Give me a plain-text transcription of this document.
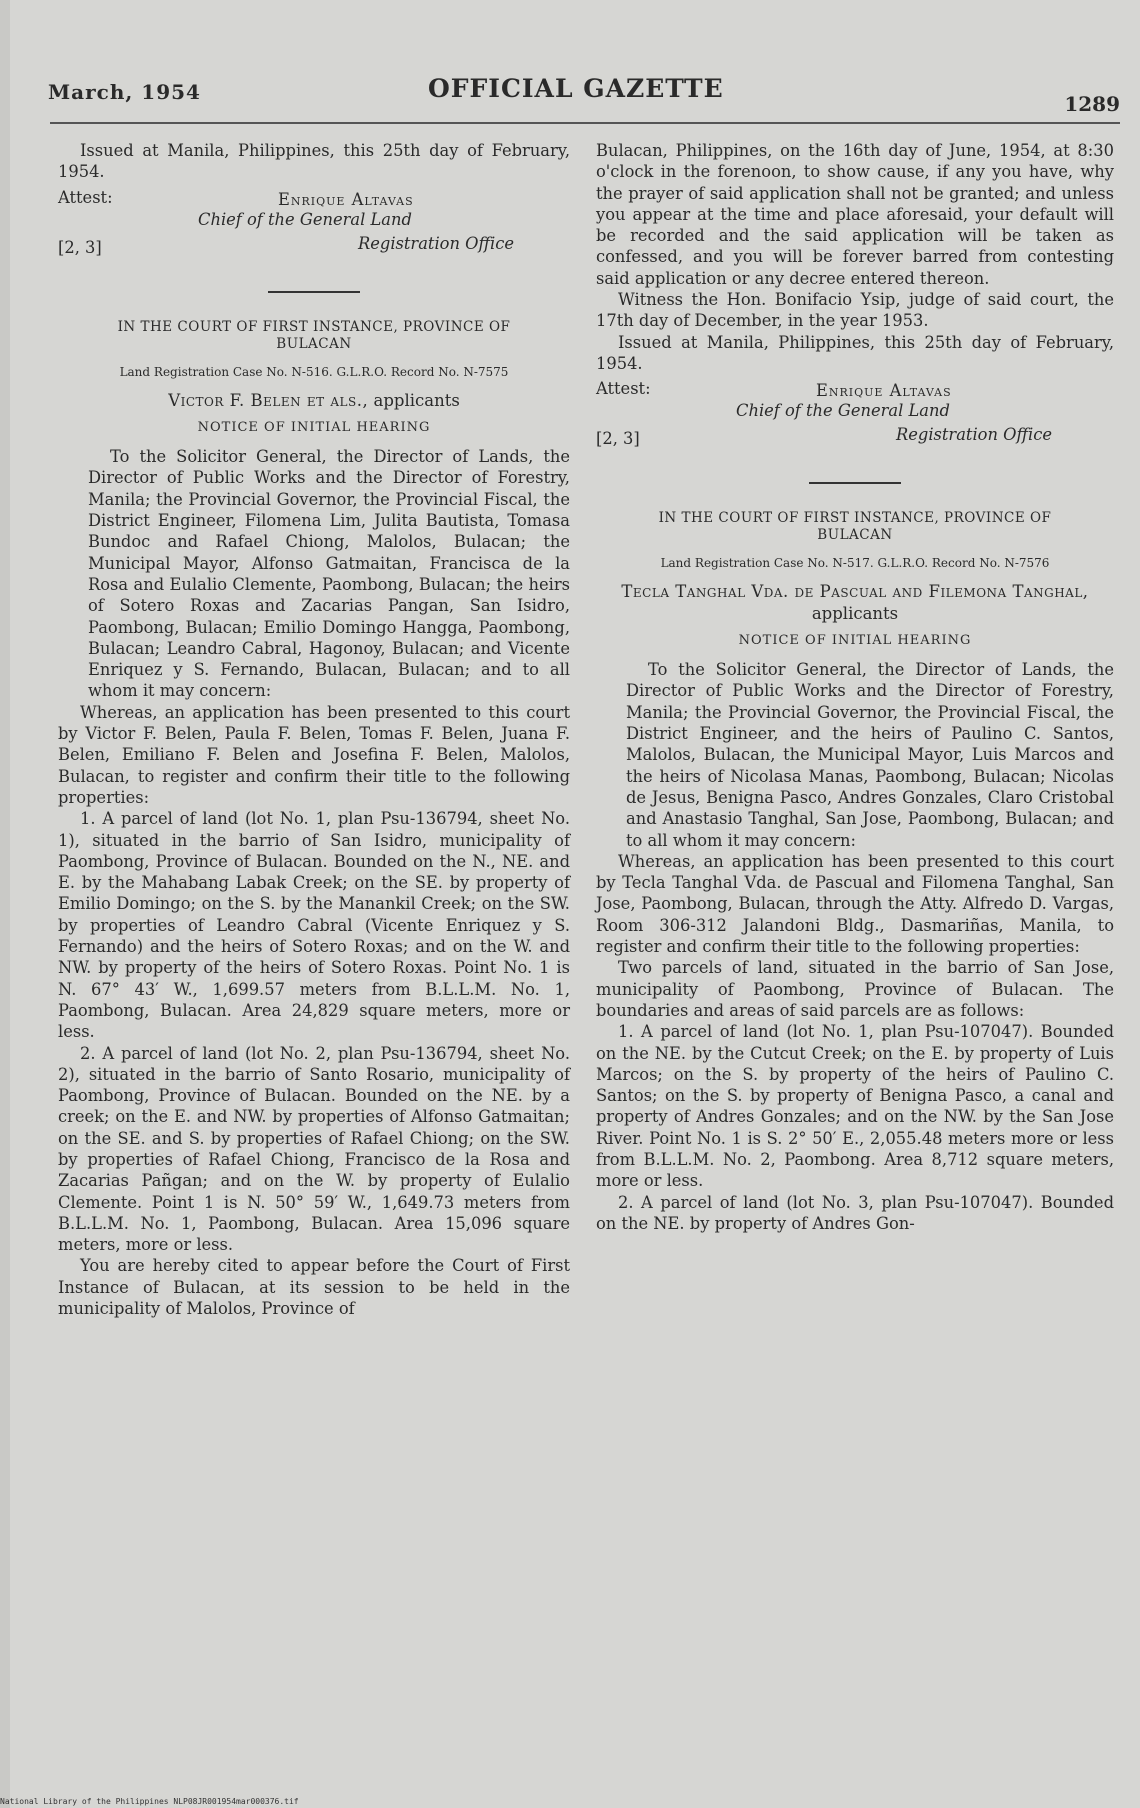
March, 1954	OFFICIAL GAZETTE
1289

Issued at Manila, Philippines, this 25th day of February, 1954.

Attest:	Enrique Altavas
Chief of the General Land
[2, 3]	Registration Office
IN THE COURT OF FIRST INSTANCE, PROVINCE OF BULACAN
Land Registration Case No. N-516. G.L.R.O. Record No. N-7575
Victor F. Belen et als., applicants
NOTICE OF INITIAL HEARING

To the Solicitor General, the Director of Lands, the Director of Public Works and the Director of Forestry, Manila; the Provincial Governor, the Provincial Fiscal, the District Engineer, Filomena Lim, Julita Bautista, Tomasa Bundoc and Rafael Chiong, Malolos, Bulacan; the Municipal Mayor, Alfonso Gatmaitan, Francisca de la Rosa and Eulalio Clemente, Paombong, Bulacan; the heirs of Sotero Roxas and Zacarias Pangan, San Isidro, Paombong, Bulacan; Emilio Domingo Hangga, Paombong, Bulacan; Leandro Cabral, Hagonoy, Bulacan; and Vicente Enriquez y S. Fernando, Bulacan, Bulacan; and to all whom it may concern:

Whereas, an application has been presented to this court by Victor F. Belen, Paula F. Belen, Tomas F. Belen, Juana F. Belen, Emiliano F. Belen and Josefina F. Belen, Malolos, Bulacan, to register and confirm their title to the following properties:

1. A parcel of land (lot No. 1, plan Psu-136794, sheet No. 1), situated in the barrio of San Isidro, municipality of Paombong, Province of Bulacan. Bounded on the N., NE. and E. by the Mahabang Labak Creek; on the SE. by property of Emilio Domingo; on the S. by the Manankil Creek; on the SW. by properties of Leandro Cabral (Vicente Enriquez y S. Fernando) and the heirs of Sotero Roxas; and on the W. and NW. by property of the heirs of Sotero Roxas. Point No. 1 is N. 67° 43′ W., 1,699.57 meters from B.L.L.M. No. 1, Paombong, Bulacan. Area 24,829 square meters, more or less.

2. A parcel of land (lot No. 2, plan Psu-136794, sheet No. 2), situated in the barrio of Santo Rosario, municipality of Paombong, Province of Bulacan. Bounded on the NE. by a creek; on the E. and NW. by properties of Alfonso Gatmaitan; on the SE. and S. by properties of Rafael Chiong; on the SW. by properties of Rafael Chiong, Francisco de la Rosa and Zacarias Pañgan; and on the W. by property of Eulalio Clemente. Point 1 is N. 50° 59′ W., 1,649.73 meters from B.L.L.M. No. 1, Paombong, Bulacan. Area 15,096 square meters, more or less.

You are hereby cited to appear before the Court of First Instance of Bulacan, at its session to be held in the municipality of Malolos, Province of

Bulacan, Philippines, on the 16th day of June, 1954, at 8:30 o'clock in the forenoon, to show cause, if any you have, why the prayer of said application shall not be granted; and unless you appear at the time and place aforesaid, your default will be recorded and the said application will be taken as confessed, and you will be forever barred from contesting said application or any decree entered thereon.

Witness the Hon. Bonifacio Ysip, judge of said court, the 17th day of December, in the year 1953.

Issued at Manila, Philippines, this 25th day of February, 1954.

Attest:	Enrique Altavas
Chief of the General Land
[2, 3]	Registration Office
IN THE COURT OF FIRST INSTANCE, PROVINCE OF BULACAN
Land Registration Case No. N-517. G.L.R.O. Record No. N-7576
Tecla Tanghal Vda. de Pascual and Filemona Tanghal, applicants
NOTICE OF INITIAL HEARING

To the Solicitor General, the Director of Lands, the Director of Public Works and the Director of Forestry, Manila; the Provincial Governor, the Provincial Fiscal, the District Engineer, and the heirs of Paulino C. Santos, Malolos, Bulacan, the Municipal Mayor, Luis Marcos and the heirs of Nicolasa Manas, Paombong, Bulacan; Nicolas de Jesus, Benigna Pasco, Andres Gonzales, Claro Cristobal and Anastasio Tanghal, San Jose, Paombong, Bulacan; and to all whom it may concern:

Whereas, an application has been presented to this court by Tecla Tanghal Vda. de Pascual and Filomena Tanghal, San Jose, Paombong, Bulacan, through the Atty. Alfredo D. Vargas, Room 306-312 Jalandoni Bldg., Dasmariñas, Manila, to register and confirm their title to the following properties:

Two parcels of land, situated in the barrio of San Jose, municipality of Paombong, Province of Bulacan. The boundaries and areas of said parcels are as follows:

1. A parcel of land (lot No. 1, plan Psu-107047). Bounded on the NE. by the Cutcut Creek; on the E. by property of Luis Marcos; on the S. by property of the heirs of Paulino C. Santos; on the S. by property of Benigna Pasco, a canal and property of Andres Gonzales; and on the NW. by the San Jose River. Point No. 1 is S. 2° 50′ E., 2,055.48 meters more or less from B.L.L.M. No. 2, Paombong. Area 8,712 square meters, more or less.

2. A parcel of land (lot No. 3, plan Psu-107047). Bounded on the NE. by property of Andres Gon-

National Library of the Philippines NLP08JR001954mar000376.tif
